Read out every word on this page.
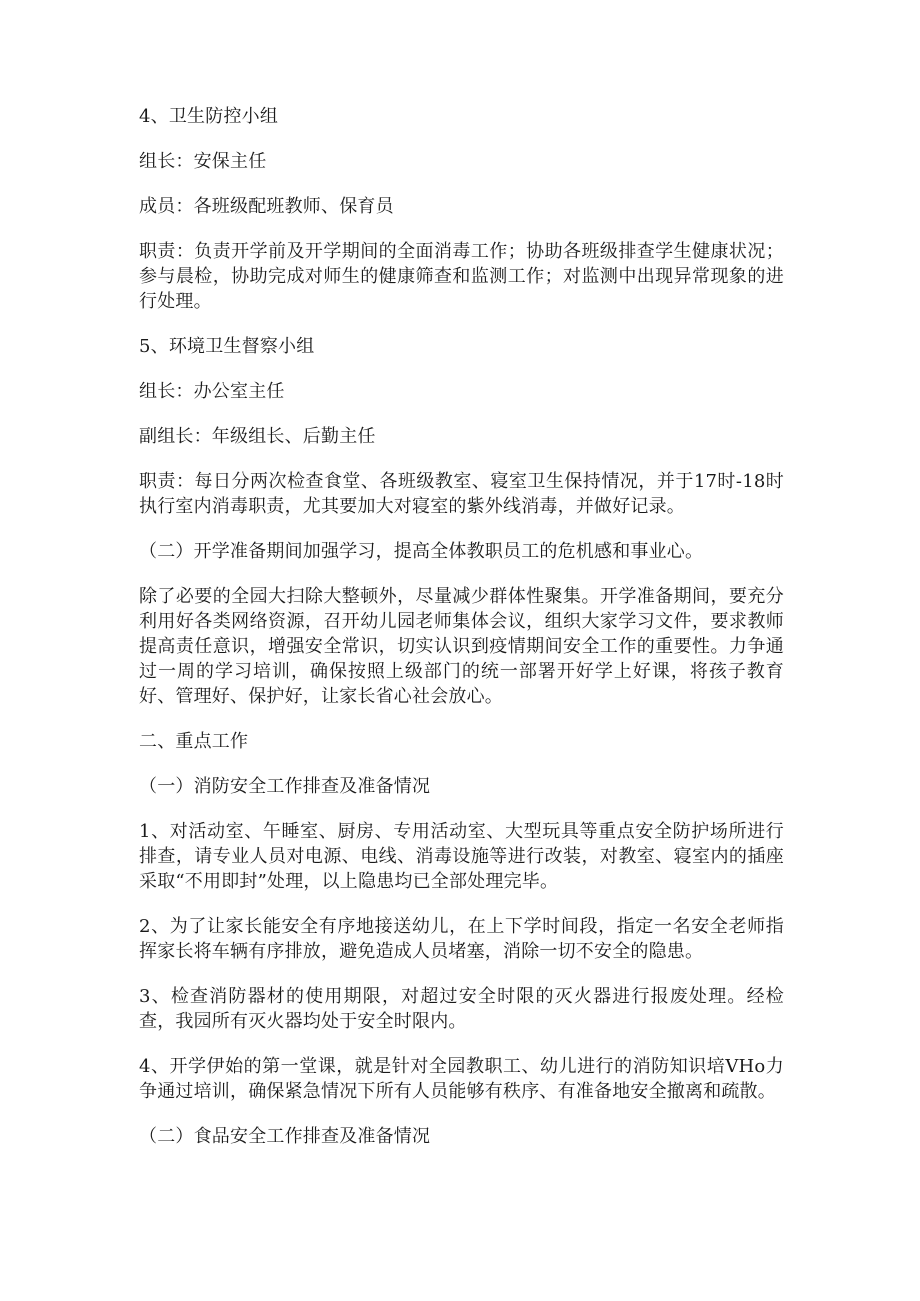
4、卫生防控小组

组长：安保主任

成员：各班级配班教师、保育员

职责：负责开学前及开学期间的全面消毒工作；协助各班级排查学生健康状况；参与晨检，协助完成对师生的健康筛查和监测工作；对监测中出现异常现象的进行处理。

5、环境卫生督察小组

组长：办公室主任

副组长：年级组长、后勤主任

职责：每日分两次检查食堂、各班级教室、寝室卫生保持情况，并于17时-18时执行室内消毒职责，尤其要加大对寝室的紫外线消毒，并做好记录。

（二）开学准备期间加强学习，提高全体教职员工的危机感和事业心。

除了必要的全园大扫除大整顿外，尽量减少群体性聚集。开学准备期间，要充分利用好各类网络资源，召开幼儿园老师集体会议，组织大家学习文件，要求教师提高责任意识，增强安全常识，切实认识到疫情期间安全工作的重要性。力争通过一周的学习培训，确保按照上级部门的统一部署开好学上好课，将孩子教育好、管理好、保护好，让家长省心社会放心。

二、重点工作

（一）消防安全工作排查及准备情况

1、对活动室、午睡室、厨房、专用活动室、大型玩具等重点安全防护场所进行排查，请专业人员对电源、电线、消毒设施等进行改装，对教室、寝室内的插座采取“不用即封”处理，以上隐患均已全部处理完毕。

2、为了让家长能安全有序地接送幼儿，在上下学时间段，指定一名安全老师指挥家长将车辆有序排放，避免造成人员堵塞，消除一切不安全的隐患。

3、检查消防器材的使用期限，对超过安全时限的灭火器进行报废处理。经检查，我园所有灭火器均处于安全时限内。

4、开学伊始的第一堂课，就是针对全园教职工、幼儿进行的消防知识培VHo力争通过培训，确保紧急情况下所有人员能够有秩序、有准备地安全撤离和疏散。

（二）食品安全工作排查及准备情况
